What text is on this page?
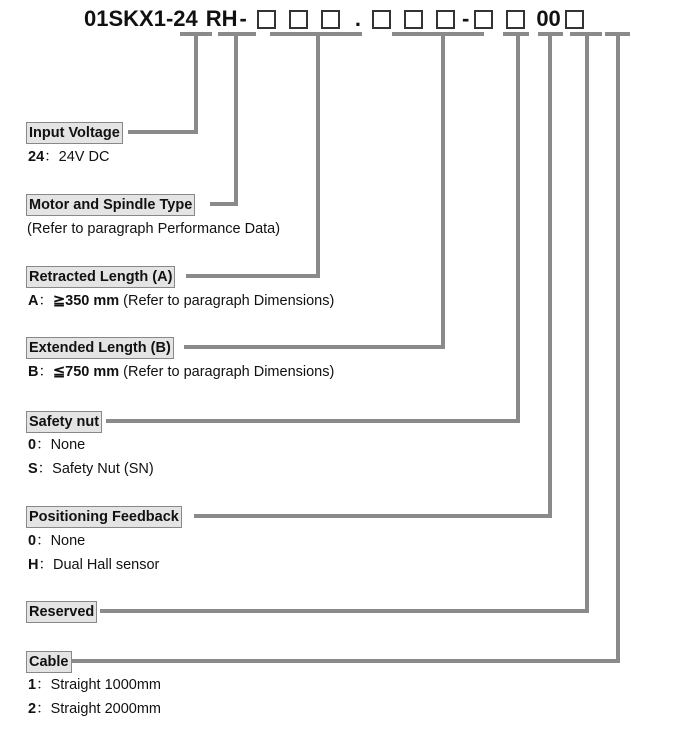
01SKX1-24 RH -	.	-	00
Input Voltage
24：24V DC
Motor and Spindle Type
(Refer to paragraph Performance Data)
Retracted Length (A)
A：≧350 mm (Refer to paragraph Dimensions)
Extended Length (B)
B：≦750 mm (Refer to paragraph Dimensions)
Safety nut
0：None
S：Safety Nut (SN)
Positioning Feedback
0：None
H：Dual Hall sensor
Reserved
Cable
1：Straight 1000mm
2：Straight 2000mm
